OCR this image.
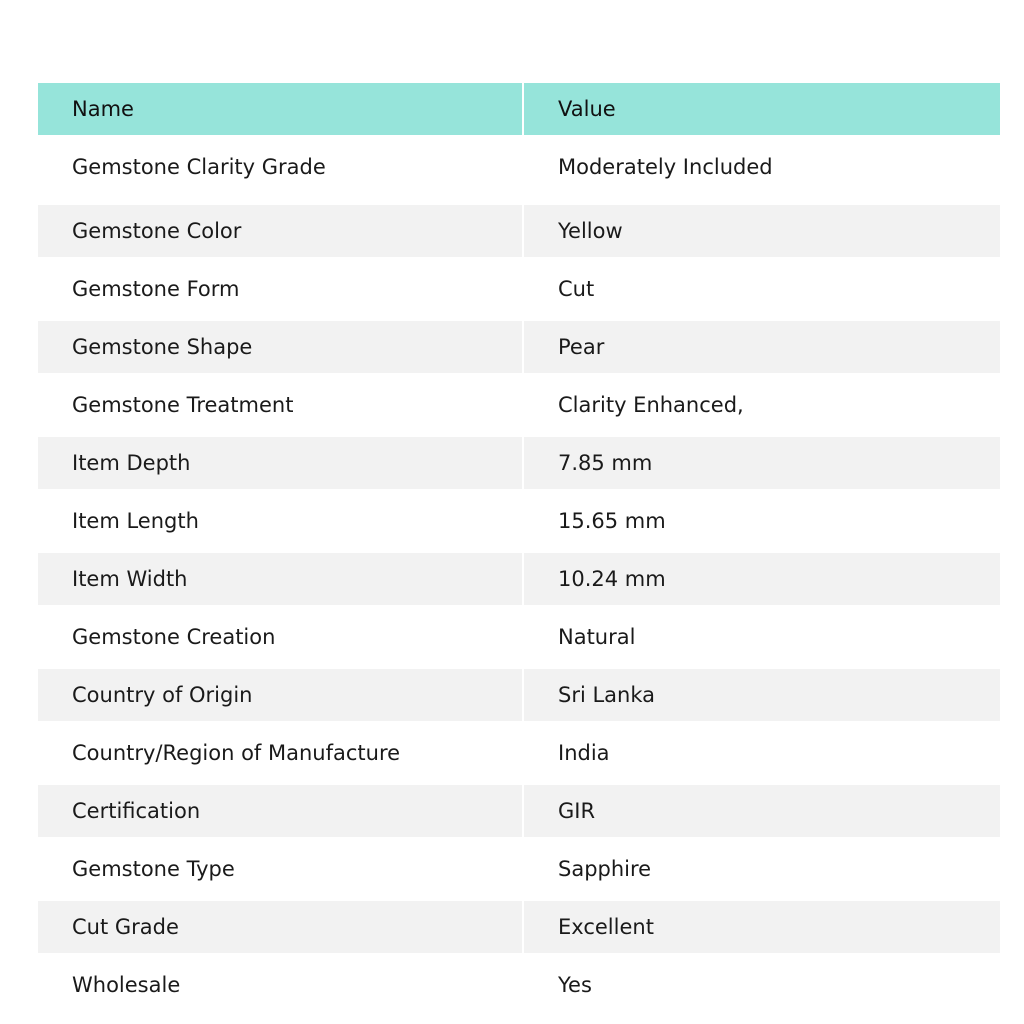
Name	Value
Gemstone Clarity Grade	Moderately Included
Gemstone Color	Yellow
Gemstone Form	Cut
Gemstone Shape	Pear
Gemstone Treatment	Clarity Enhanced,
Item Depth	7.85 mm
Item Length	15.65 mm
Item Width	10.24 mm
Gemstone Creation	Natural
Country of Origin	Sri Lanka
Country/Region of Manufacture	India
Certification	GIR
Gemstone Type	Sapphire
Cut Grade	Excellent
Wholesale	Yes
